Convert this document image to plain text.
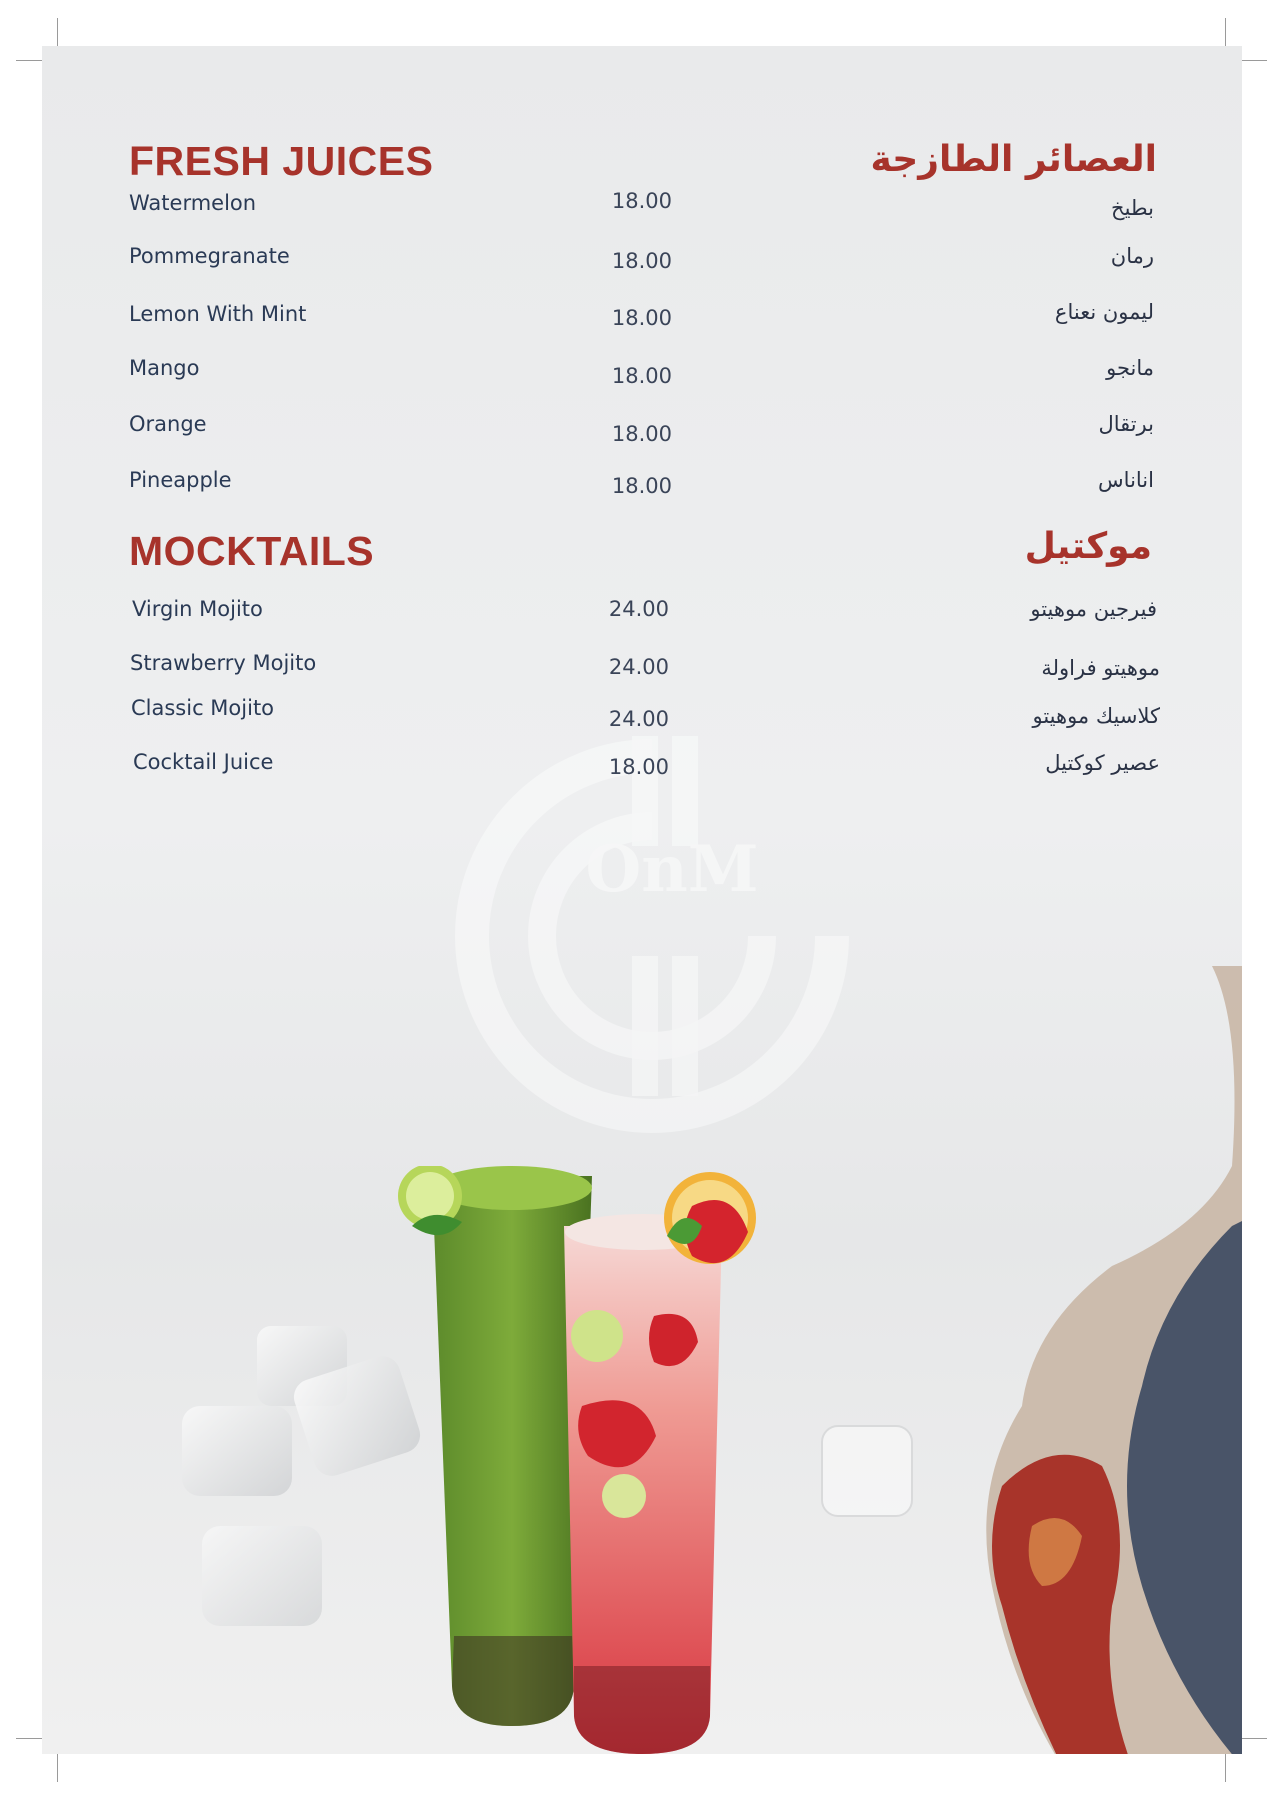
OnM
FRESH JUICES	العصائر الطازجة
Watermelon	18.00	بطيخ
Pommegranate	18.00	رمان
Lemon With Mint	18.00	ليمون نعناع
Mango	18.00	مانجو
Orange	18.00	برتقال
Pineapple	18.00	اناناس
MOCKTAILS	موكتيل
Virgin Mojito	24.00	فيرجين موهيتو
Strawberry Mojito	24.00	موهيتو فراولة
Classic Mojito	24.00	كلاسيك موهيتو
Cocktail Juice	18.00	عصير كوكتيل
